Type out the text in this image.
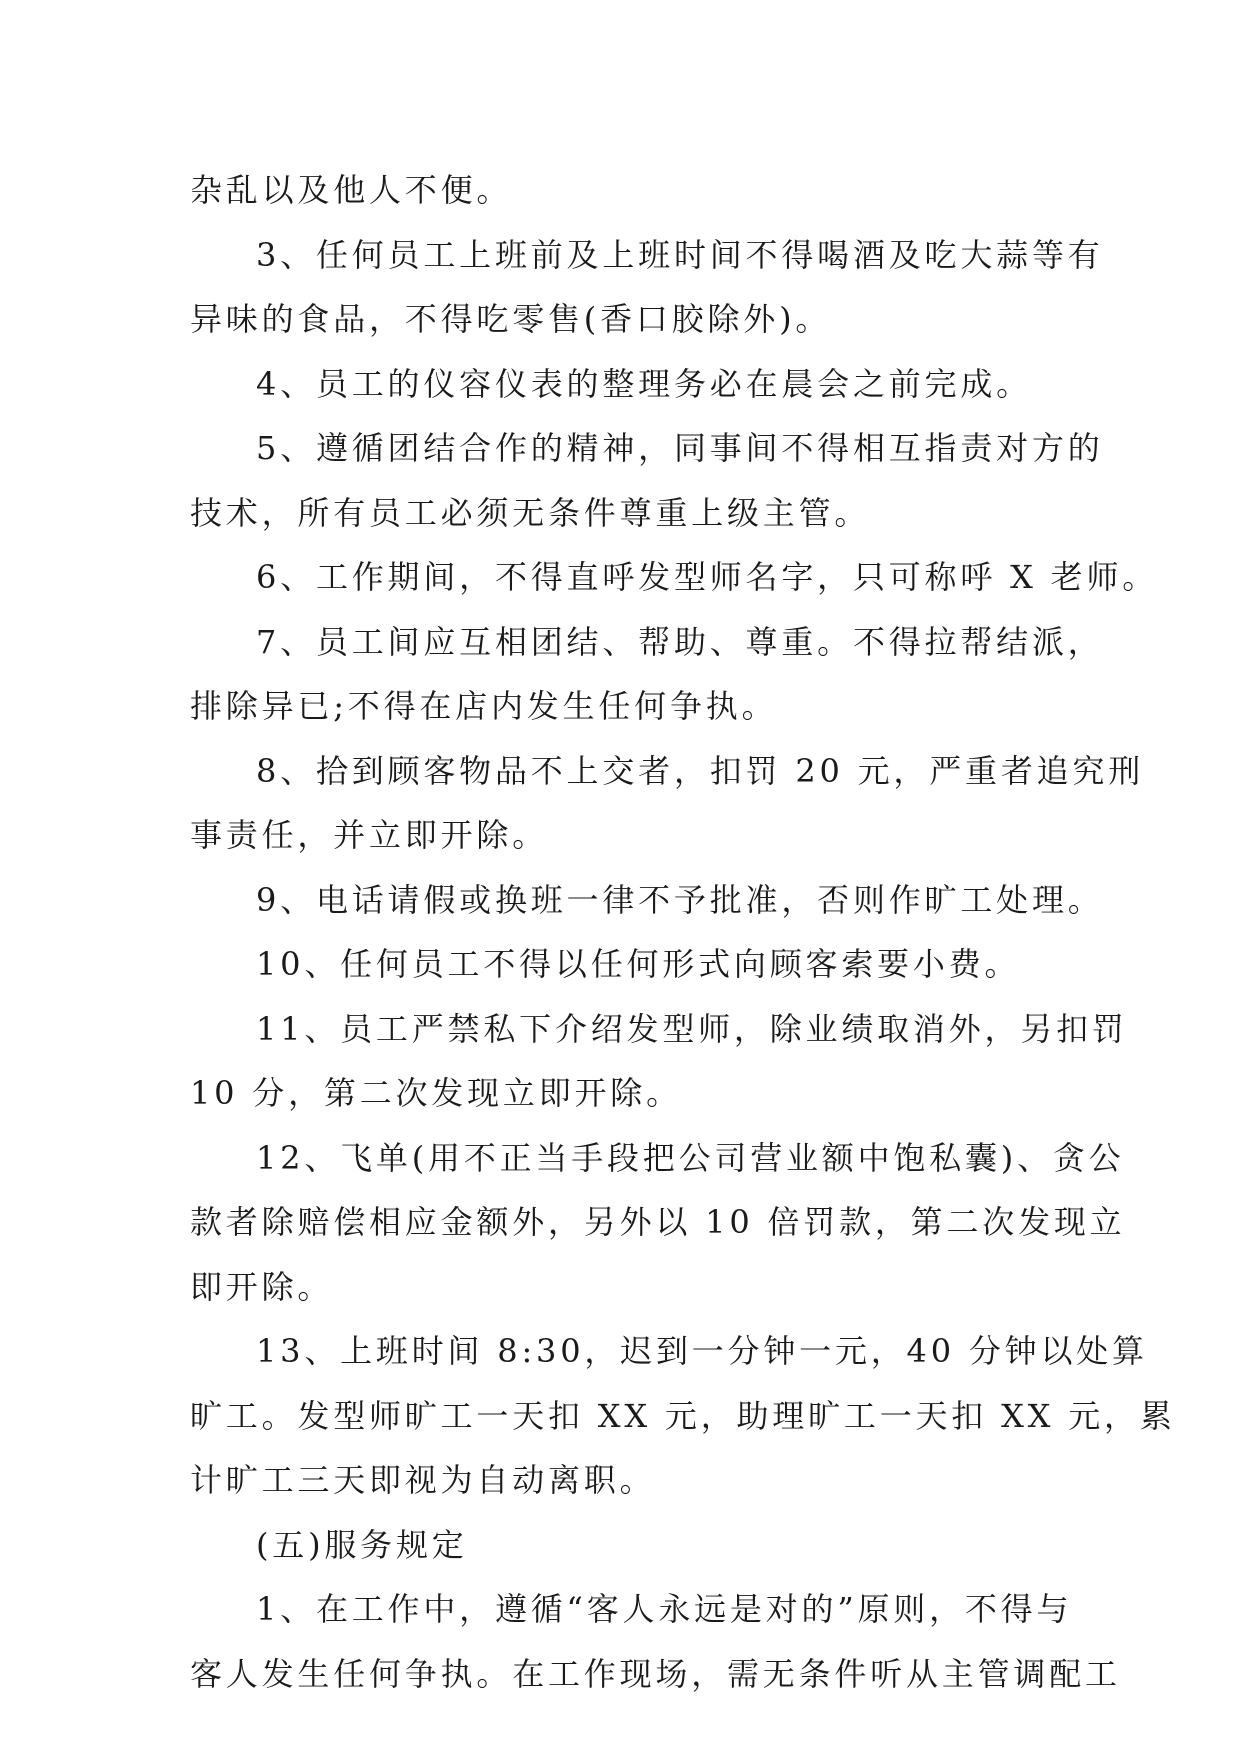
杂乱以及他人不便。
3、任何员工上班前及上班时间不得喝酒及吃大蒜等有
异味的食品，不得吃零售(香口胶除外)。
4、员工的仪容仪表的整理务必在晨会之前完成。
5、遵循团结合作的精神，同事间不得相互指责对方的
技术，所有员工必须无条件尊重上级主管。
6、工作期间，不得直呼发型师名字，只可称呼 X 老师。
7、员工间应互相团结、帮助、尊重。不得拉帮结派，
排除异已;不得在店内发生任何争执。
8、拾到顾客物品不上交者，扣罚 20 元，严重者追究刑
事责任，并立即开除。
9、电话请假或换班一律不予批准，否则作旷工处理。
10、任何员工不得以任何形式向顾客索要小费。
11、员工严禁私下介绍发型师，除业绩取消外，另扣罚
10 分，第二次发现立即开除。
12、飞单(用不正当手段把公司营业额中饱私囊)、贪公
款者除赔偿相应金额外，另外以 10 倍罚款，第二次发现立
即开除。
13、上班时间 8:30，迟到一分钟一元，40 分钟以处算
旷工。发型师旷工一天扣 XX 元，助理旷工一天扣 XX 元，累
计旷工三天即视为自动离职。
(五)服务规定
1、在工作中，遵循“客人永远是对的”原则，不得与
客人发生任何争执。在工作现场，需无条件听从主管调配工
